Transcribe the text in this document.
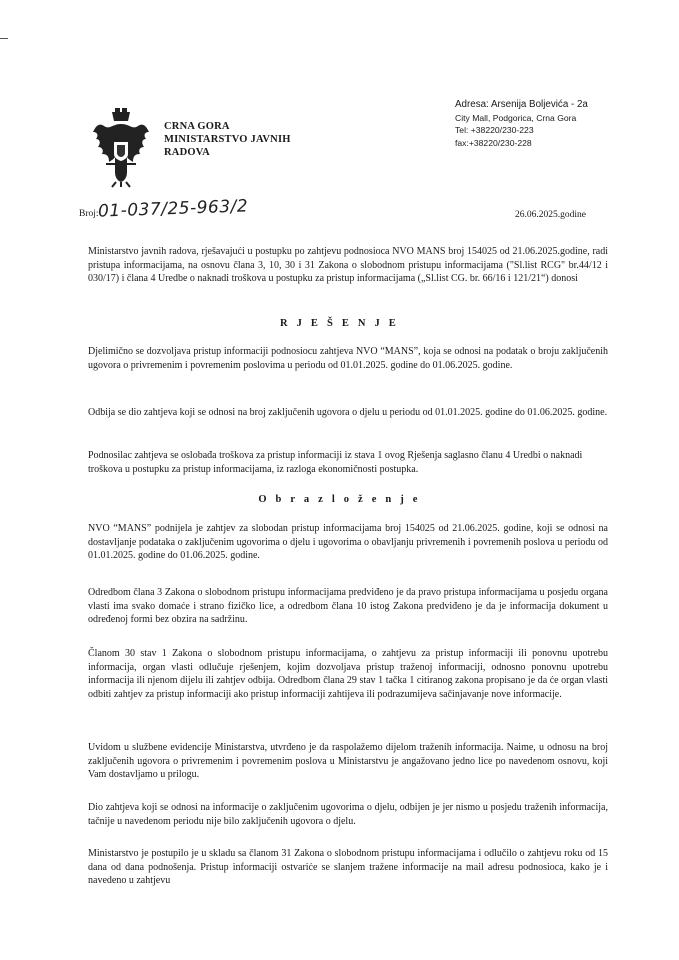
CRNA GORA
MINISTARSTVO JAVNIH
RADOVA
Adresa: Arsenija Boljevića - 2a
City Mall, Podgorica, Crna Gora
Tel: +38220/230-223
fax:+38220/230-228
Broj: 01-037/25-963/2	26.06.2025.godine
Ministarstvo javnih radova, rješavajući u postupku po zahtjevu podnosioca NVO MANS broj 154025 od 21.06.2025.godine, radi pristupa informacijama, na osnovu člana 3, 10, 30 i 31 Zakona o slobodnom pristupu informacijama ("Sl.list RCG" br.44/12 i 030/17) i člana 4 Uredbe o naknadi troškova u postupku za pristup informacijama („Sl.list CG. br. 66/16 i 121/21“) donosi
R J E Š E N J E
Djelimično se dozvoljava pristup informaciji podnosiocu zahtjeva NVO “MANS”, koja se odnosi na podatak o broju zaključenih ugovora o privremenim i povremenim poslovima u periodu od 01.01.2025. godine do 01.06.2025. godine.
Odbija se dio zahtjeva koji se odnosi na broj zaključenih ugovora o djelu u periodu od 01.01.2025. godine do 01.06.2025. godine.
Podnosilac zahtjeva se oslobađa troškova za pristup informaciji iz stava 1 ovog Rješenja saglasno članu 4 Uredbi o naknadi troškova u postupku za pristup informacijama, iz razloga ekonomičnosti postupka.
O b r a z l o ž e n j e
NVO “MANS” podnijela je zahtjev za slobodan pristup informacijama broj 154025 od 21.06.2025. godine, koji se odnosi na dostavljanje podataka o zaključenim ugovorima o djelu i ugovorima o obavljanju privremenih i povremenih poslova u periodu od 01.01.2025. godine do 01.06.2025. godine.
Odredbom člana 3 Zakona o slobodnom pristupu informacijama predviđeno je da pravo pristupa informacijama u posjedu organa vlasti ima svako domaće i strano fizičko lice, a odredbom člana 10 istog Zakona predviđeno je da je informacija dokument u određenoj formi bez obzira na sadržinu.
Članom 30 stav 1 Zakona o slobodnom pristupu informacijama, o zahtjevu za pristup informaciji ili ponovnu upotrebu informacija, organ vlasti odlučuje rješenjem, kojim dozvoljava pristup traženoj informaciji, odnosno ponovnu upotrebu informacija ili njenom dijelu ili zahtjev odbija. Odredbom člana 29 stav 1 tačka 1 citiranog zakona propisano je da će organ vlasti odbiti zahtjev za pristup informaciji ako pristup informaciji zahtijeva ili podrazumijeva sačinjavanje nove informacije.
Uvidom u službene evidencije Ministarstva, utvrđeno je da raspolažemo dijelom traženih informacija. Naime, u odnosu na broj zaključenih ugovora o privremenim i povremenim poslova u Ministarstvu je angažovano jedno lice po navedenom osnovu, koji Vam dostavljamo u prilogu.
Dio zahtjeva koji se odnosi na informacije o zaključenim ugovorima o djelu, odbijen je jer nismo u posjedu traženih informacija, tačnije u navedenom periodu nije bilo zaključenih ugovora o djelu.
Ministarstvo je postupilo je u skladu sa članom 31 Zakona o slobodnom pristupu informacijama i odlučilo o zahtjevu roku od 15 dana od dana podnošenja. Pristup informaciji ostvariće se slanjem tražene informacije na mail adresu podnosioca, kako je i navedeno u zahtjevu
